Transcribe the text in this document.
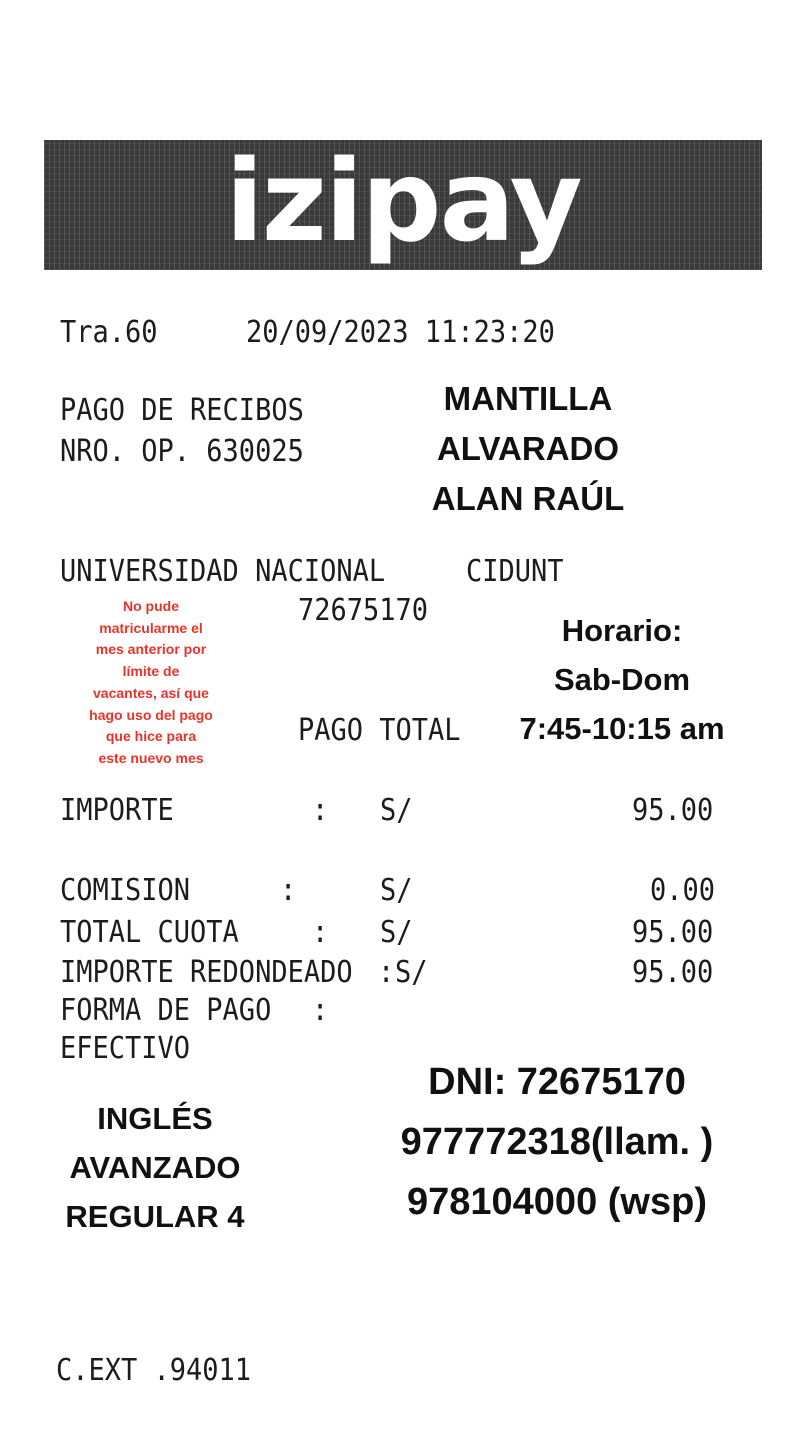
izipay
Tra.60	20/09/2023 11:23:20
PAGO DE RECIBOS
NRO. OP. 630025
MANTILLA
ALVARADO
ALAN RAÚL
UNIVERSIDAD NACIONAL	CIDUNT
72675170
No pude
matricularme el
mes anterior por
límite de
vacantes, así que
hago uso del pago
que hice para
este nuevo mes
Horario:
Sab-Dom
7:45-10:15 am
PAGO TOTAL
IMPORTE	: S/	95.00
COMISION	:	S/	0.00
TOTAL CUOTA	: S/	95.00
IMPORTE REDONDEADO : S/	95.00
FORMA DE PAGO :
EFECTIVO
DNI: 72675170
977772318(llam. )
978104000 (wsp)
INGLÉS
AVANZADO
REGULAR 4
C.EXT .94011
